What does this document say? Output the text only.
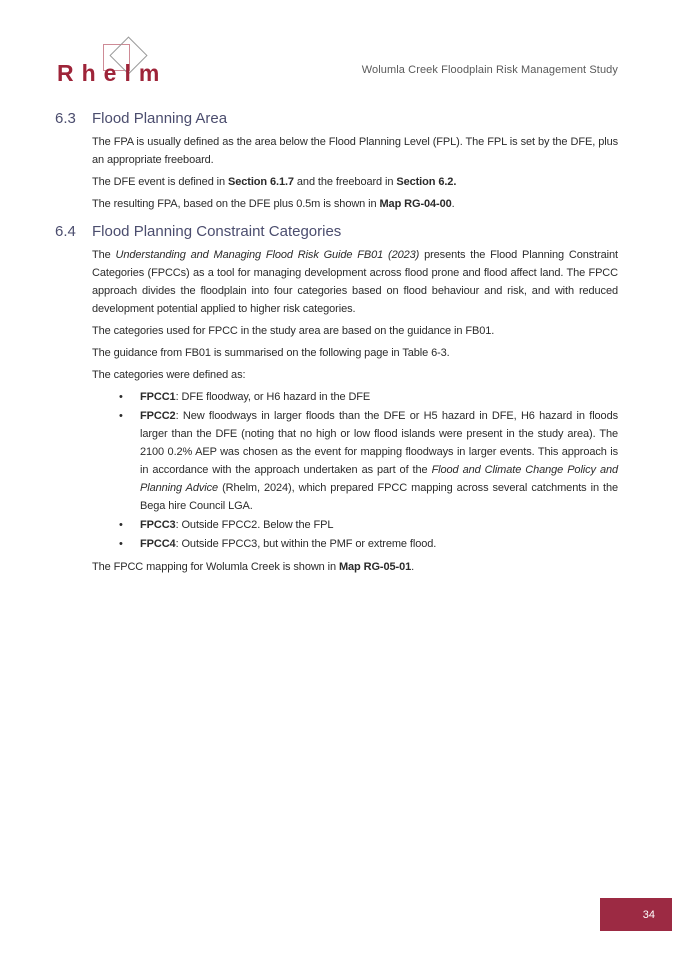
Rhelm	Wolumla Creek Floodplain Risk Management Study
6.3	Flood Planning Area

The FPA is usually defined as the area below the Flood Planning Level (FPL). The FPL is set by the DFE, plus an appropriate freeboard.

The DFE event is defined in Section 6.1.7 and the freeboard in Section 6.2.

The resulting FPA, based on the DFE plus 0.5m is shown in Map RG-04-00.

6.4	Flood Planning Constraint Categories

The Understanding and Managing Flood Risk Guide FB01 (2023) presents the Flood Planning Constraint Categories (FPCCs) as a tool for managing development across flood prone and flood affect land. The FPCC approach divides the floodplain into four categories based on flood behaviour and risk, and with reduced development potential applied to higher risk categories.

The categories used for FPCC in the study area are based on the guidance in FB01.

The guidance from FB01 is summarised on the following page in Table 6-3.

The categories were defined as:

• FPCC1: DFE floodway, or H6 hazard in the DFE
• FPCC2: New floodways in larger floods than the DFE or H5 hazard in DFE, H6 hazard in floods larger than the DFE (noting that no high or low flood islands were present in the study area). The 2100 0.2% AEP was chosen as the event for mapping floodways in larger events. This approach is in accordance with the approach undertaken as part of the Flood and Climate Change Policy and Planning Advice (Rhelm, 2024), which prepared FPCC mapping across several catchments in the Bega hire Council LGA.
• FPCC3: Outside FPCC2. Below the FPL
• FPCC4: Outside FPCC3, but within the PMF or extreme flood.

The FPCC mapping for Wolumla Creek is shown in Map RG-05-01.

34
